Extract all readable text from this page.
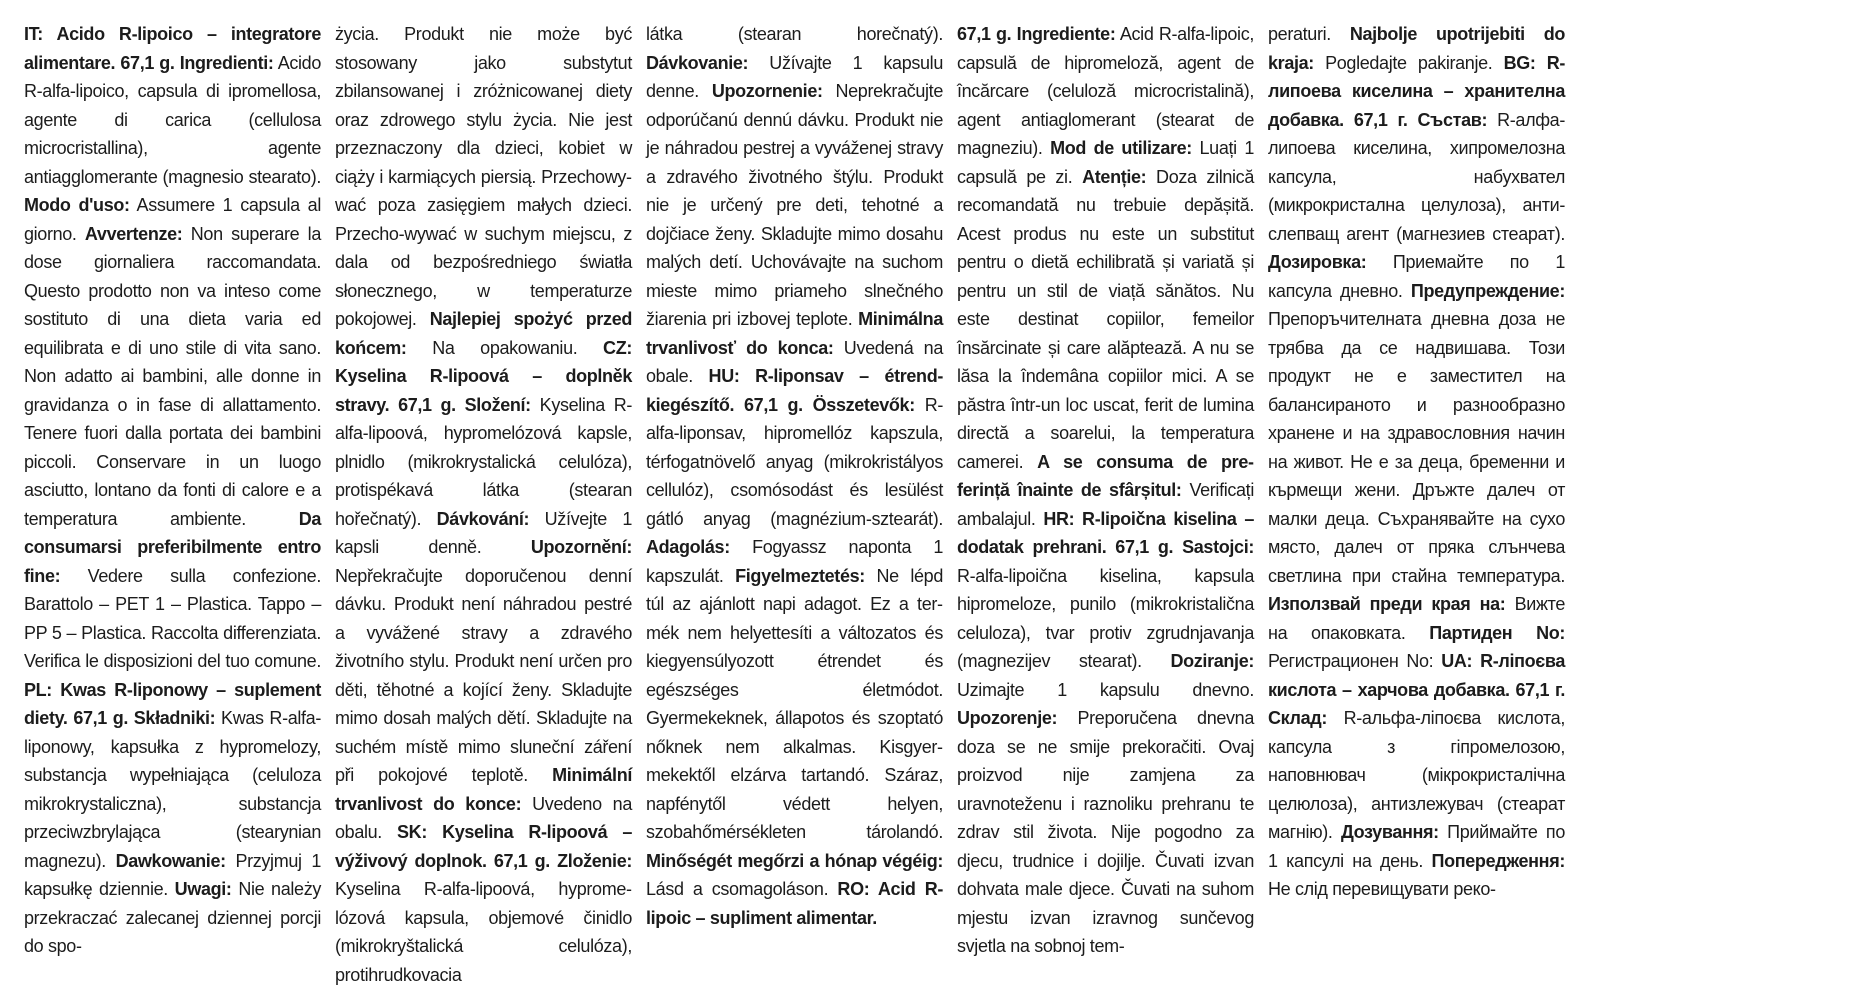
IT: Acido R-lipoico – integratore alimentare. 67,1 g. Ingredienti: Acido R-alfa-lipoico, capsula di ipromellosa, agente di carica (cellulosa microcristallina), agente antiagglomerante (magnesio stearato). Modo d'uso: Assumere 1 capsula al giorno. Avvertenze: Non superare la dose giornaliera raccomandata. Questo prodotto non va inteso come sostituto di una dieta varia ed equilibrata e di uno stile di vita sano. Non adatto ai bambini, alle donne in gravidanza o in fase di allattamento. Tenere fuori dalla portata dei bambini piccoli. Conservare in un luogo asciutto, lontano da fonti di calore e a temperatura ambiente. Da consumarsi preferibilmente entro fine: Vedere sulla confezione. Barattolo – PET 1 – Plastica. Tappo – PP 5 – Plastica. Raccolta differenziata. Verifica le disposizioni del tuo comune. PL: Kwas R-liponowy – suplement diety. 67,1 g. Składniki: Kwas R-alfa-liponowy, kapsułka z hypromelozy, substancja wypełniająca (celuloza mikrokrystaliczna), substancja przeciwzbrylająca (stearynian magnezu). Dawkowanie: Przyjmuj 1 kapsułkę dziennie. Uwagi: Nie należy przekraczać zalecanej dziennej porcji do spo-
życia. Produkt nie może być stosowany jako substytut zbilansowanej i zróżnicowanej diety oraz zdrowego stylu życia. Nie jest przeznaczony dla dzieci, kobiet w ciąży i karmiących piersią. Przechowywać poza zasięgiem małych dzieci. Przecho-wywać w suchym miejscu, z dala od bezpośredniego światła słonecznego, w temperaturze pokojowej. Najlepiej spożyć przed końcem: Na opakowaniu. CZ: Kyselina R-lipoová – doplněk stravy. 67,1 g. Složení: Kyselina R-alfa-lipoová, hypromelózová kapsle, plnidlo (mikrokrystalická celulóza), protispékavá látka (stearan hořečnatý). Dávkování: Užívejte 1 kapsli denně. Upozornění: Nepřekračujte doporučenou denní dávku. Produkt není náhradou pestré a vyvážené stravy a zdravého životního stylu. Produkt není určen pro děti, těhotné a kojící ženy. Skladujte mimo dosah malých dětí. Skladujte na suchém místě mimo sluneční záření při pokojové teplotě. Minimální trvanlivost do konce: Uvedeno na obalu. SK: Kyselina R-lipoová – výživový doplnok. 67,1 g. Zloženie: Kyselina R-alfa-lipoová, hypromelózová kapsula, objemové činidlo (mikrokryštalická celulóza), protihrudkovacia
látka (stearan horečnatý). Dávkovanie: Užívajte 1 kapsulu denne. Upozornenie: Neprekračujte odporúčanú dennú dávku. Produkt nie je náhradou pestrej a vyváženej stravy a zdravého životného štýlu. Produkt nie je určený pre deti, tehotné a dojčiace ženy. Skladujte mimo dosahu malých detí. Uchovávajte na suchom mieste mimo priameho slnečného žiarenia pri izbovej teplote. Minimálna trvanlivosť do konca: Uvedená na obale. HU: R-liponsav – étrend-kiegészítő. 67,1 g. Összetevők: R-alfa-liponsav, hipromellóz kapszula, térfogatnövelő anyag (mikrokristályos cellulóz), csomósodást és lesülést gátló anyag (magnézium-sztearát). Adagolás: Fogyassz naponta 1 kapszulát. Figyelmeztetés: Ne lépd túl az ajánlott napi adagot. Ez a termék nem helyettesíti a változatos és kiegyensúlyozott étrendet és egészséges életmódot. Gyermekeknek, állapotos és szoptató nőknek nem alkalmas. Kisgyermekektől elzárva tartandó. Száraz, napfénytől védett helyen, szobahőmérsékleten tárolandó. Minőségét megőrzi a hónap végéig: Lásd a csomagoláson. RO: Acid R-lipoic – supliment alimentar.
67,1 g. Ingrediente: Acid R-alfa-lipoic, capsulă de hipromeloză, agent de încărcare (celuloză microcristalină), agent antiaglomerant (stearat de magneziu). Mod de utilizare: Luați 1 capsulă pe zi. Atenție: Doza zilnică recomandată nu trebuie depășită. Acest produs nu este un substitut pentru o dietă echilibrată și variată și pentru un stil de viață sănătos. Nu este destinat copiilor, femeilor însărcinate și care alăptează. A nu se lăsa la îndemâna copiilor mici. A se păstra într-un loc uscat, ferit de lumina directă a soarelui, la temperatura camerei. A se consuma de preferință înainte de sfârșitul: Verificați ambalajul. HR: R-lipoična kiselina – dodatak prehrani. 67,1 g. Sastojci: R-alfa-lipoična kiselina, kapsula hipromeloze, punilo (mikrokristalična celuloza), tvar protiv zgrudnjavanja (magnezijev stearat). Doziranje: Uzimajte 1 kapsulu dnevno. Upozorenje: Preporučena dnevna doza se ne smije prekoračiti. Ovaj proizvod nije zamjena za uravnoteženu i raznoliku prehranu te zdrav stil života. Nije pogodno za djecu, trudnice i dojilje. Čuvati izvan dohvata male djece. Čuvati na suhom mjestu izvan izravnog sunčevog svjetla na sobnoj tem-
peraturi. Najbolje upotrijebiti do kraja: Pogledajte pakiranje. BG: R-липоева киселина – хранителна добавка. 67,1 г. Състав: R-алфа-липоева киселина, хипромелозна капсула, набухвател (микрокристална целулоза), анти-слепващ агент (магнезиев стеарат). Дозировка: Приемайте по 1 капсула дневно. Предупреждение: Препоръчителната дневна доза не трябва да се надвишава. Този продукт не е заместител на балансираното и разнообразно хранене и на здравословния начин на живот. Не е за деца, бременни и кърмещи жени. Дръжте далеч от малки деца. Съхранявайте на сухо място, далеч от пряка слънчева светлина при стайна температура. Използвай преди края на: Вижте на опаковката. Партиден No: Регистрационен No: UA: R-ліпоєва кислота – харчова добавка. 67,1 г. Склад: R-альфа-ліпоєва кислота, капсула з гіпромелозою, наповнювач (мікрокристалічна целюлоза), антизлежувач (стеарат магнію). Дозування: Приймайте по 1 капсулі на день. Попередження: Не слід перевищувати реко-
